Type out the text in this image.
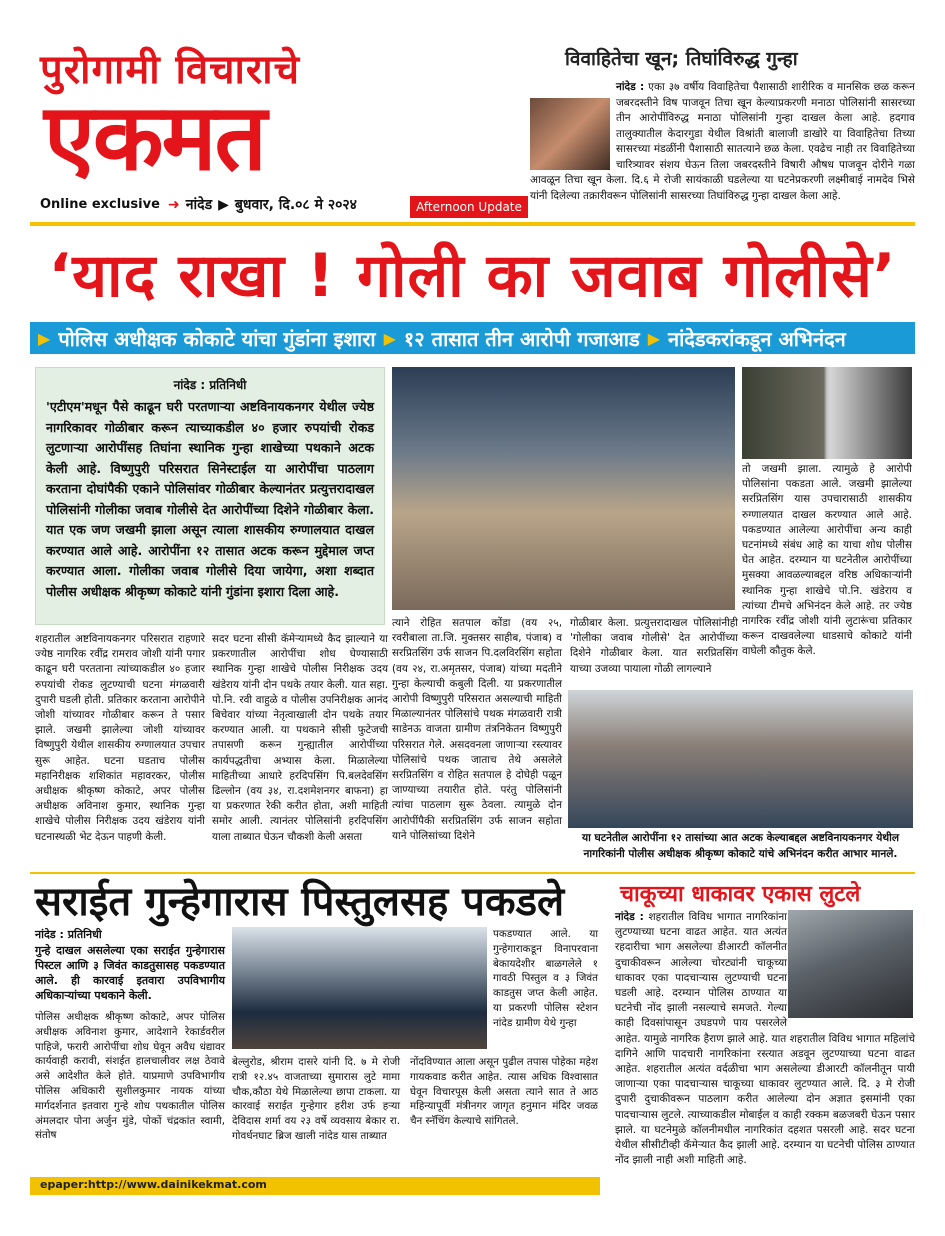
पुरोगामी विचाराचे
एकमत
Online exclusive ➜ नांदेड ▶ बुधवार, दि.०८ मे २०२४	Afternoon Update
विवाहितेचा खून; तिघांविरुद्ध गुन्हा
नांदेड : एका ३७ वर्षीय विवाहितेचा पैशासाठी शारीरिक व मानसिक छळ करून जबरदस्तीने विष पाजवून तिचा खून केल्याप्रकरणी मनाठा पोलिसांनी सासरच्या तीन आरोपींविरुद्ध मनाठा पोलिसांनी गुन्हा दाखल केला आहे. हदगाव तालुक्यातील केदारगुडा येथील विश्रांती बालाजी डाखोरे या विवाहितेचा तिच्या सासरच्या मंडळींनी पैशासाठी सातत्याने छळ केला. एवढेच नाही तर विवाहितेच्या चारित्र्यावर संशय घेऊन तिला जबरदस्तीने विषारी औषध पाजवून दोरीने गळा आवळून तिचा खून केला. दि.६ मे रोजी सायंकाळी घडलेल्या या घटनेप्रकरणी लक्ष्मीबाई नामदेव भिसे यांनी दिलेल्या तक्रारीवरून पोलिसांनी सासरच्या तिघांविरुद्ध गुन्हा दाखल केला आहे.
‘याद राखा ! गोली का जवाब गोलीसे’
▶ पोलिस अधीक्षक कोकाटे यांचा गुंडांना इशारा ▶ १२ तासात तीन आरोपी गजाआड ▶ नांदेडकरांकडून अभिनंदन
नांदेड : प्रतिनिधी
'एटीएम'मधून पैसे काढून घरी परतणाऱ्या अष्टविनायकनगर येथील ज्येष्ठ नागरिकावर गोळीबार करून त्याच्याकडील ४० हजार रुपयांची रोकड लुटणाऱ्या आरोपींसह तिघांना स्थानिक गुन्हा शाखेच्या पथकाने अटक केली आहे. विष्णुपुरी परिसरात सिनेस्टाईल या आरोपींचा पाठलाग करताना दोघांपैकी एकाने पोलिसांवर गोळीबार केल्यानंतर प्रत्युत्तरादाखल पोलिसांनी गोलीका जवाब गोलीसे देत आरोपींच्या दिशेने गोळीबार केला. यात एक जण जखमी झाला असून त्याला शासकीय रुग्णालयात दाखल करण्यात आले आहे. आरोपींना १२ तासात अटक करून मुद्देमाल जप्त करण्यात आला. गोलीका जवाब गोलीसे दिया जायेगा, अशा शब्दात पोलीस अधीक्षक श्रीकृष्ण कोकाटे यांनी गुंडांना इशारा दिला आहे.
शहरातील अष्टविनायकनगर परिसरात राहणारे ज्येष्ठ नागरिक रवींद्र रामराव जोशी यांनी पगार काढून घरी परतताना त्यांच्याकडील ४० हजार रुपयांची रोकड लुटण्याची घटना मंगळवारी दुपारी घडली होती. प्रतिकार करताना आरोपीने जोशी यांच्यावर गोळीबार करून ते पसार झाले. जखमी झालेल्या जोशी यांच्यावर विष्णुपुरी येथील शासकीय रुग्णालयात उपचार सुरू आहेत. घटना घडताच पोलीस महानिरीक्षक शशिकांत महावरकर, पोलीस अधीक्षक श्रीकृष्ण कोकाटे, अपर पोलीस अधीक्षक अविनाश कुमार, स्थानिक गुन्हा शाखेचे पोलीस निरीक्षक उदय खंडेराय यांनी घटनास्थळी भेट देऊन पाहणी केली.
सदर घटना सीसी कॅमेऱ्यामध्ये कैद झाल्याने या प्रकरणातील आरोपींचा शोध घेण्यासाठी स्थानिक गुन्हा शाखेचे पोलीस निरीक्षक उदय खंडेराय यांनी दोन पथके तयार केली. यात सहा. पो.नि. रवी वाहुळे व पोलीस उपनिरीक्षक आनंद बिचेवार यांच्या नेतृत्वाखाली दोन पथके तयार करण्यात आली. या पथकाने सीसी फुटेजची तपासणी करून गुन्ह्यातील आरोपींच्या कार्यपद्धतीचा अभ्यास केला. मिळालेल्या माहितीच्या आधारे हरदिपसिंग पि.बलदेवसिंग ढिल्लोन (वय ३४, रा.दशमेशनगर बाफना) हा या प्रकरणात रेकी करीत होता, अशी माहिती समोर आली. त्यानंतर पोलिसांनी हरदिपसिंग याला ताब्यात घेऊन चौकशी केली असता
त्याने रोहित सतपाल कोंडा (वय २५, रवरीबाला ता.जि. मुक्तसर साहीब, पंजाब) व सरप्रितसिंग उर्फ साजन पि.दलविरसिंग सहोता (वय २४, रा.अमृतसर, पंजाब) यांच्या मदतीने गुन्हा केल्याची कबुली दिली. या प्रकरणातील आरोपी विष्णुपुरी परिसरात असल्याची माहिती मिळाल्यानंतर पोलिसांचे पथक मंगळवारी रात्री साडेनऊ वाजता ग्रामीण तंत्रनिकेतन विष्णुपुरी परिसरात गेले. असदवनला जाणाऱ्या रस्त्यावर पोलिसांचे पथक जाताच तेथे असलेले सरप्रितसिंग व रोहित सतपाल हे दोघेही पळून जाण्याच्या तयारीत होते. परंतु पोलिसांनी त्यांचा पाठलाग सुरू ठेवला. त्यामुळे दोन आरोपींपैकी सरप्रितसिंग उर्फ साजन सहोता याने पोलिसांच्या दिशेने
गोळीबार केला. प्रत्युत्तरादाखल पोलिसांनीही 'गोलीका जवाब गोलीसे' देत आरोपींच्या दिशेने गोळीबार केला. यात सरप्रितसिंग याच्या उजव्या पायाला गोळी लागल्याने
तो जखमी झाला. त्यामुळे हे आरोपी पोलिसांना पकडता आले. जखमी झालेल्या सरप्रितसिंग यास उपचारासाठी शासकीय रुग्णालयात दाखल करण्यात आले आहे. पकडण्यात आलेल्या आरोपींचा अन्य काही घटनांमध्ये संबंध आहे का याचा शोध पोलीस घेत आहेत. दरम्यान या घटनेतील आरोपींच्या मुसक्या आवळल्याबद्दल वरिष्ठ अधिकाऱ्यांनी स्थानिक गुन्हा शाखेचे पो.नि. खंडेराय व त्यांच्या टीमचे अभिनंदन केले आहे. तर ज्येष्ठ नागरिक रवींद्र जोशी यांनी लुटारूंचा प्रतिकार करून दाखवलेल्या धाडसाचे कोकाटे यांनी वाघेली कौतुक केले.
या घटनेतील आरोपींना १२ तासांच्या आत अटक केल्याबद्दल अष्टविनायकनगर येथील नागरिकांनी पोलीस अधीक्षक श्रीकृष्ण कोकाटे यांचे अभिनंदन करीत आभार मानले.
सराईत गुन्हेगारास पिस्तुलसह पकडले
नांदेड : प्रतिनिधी
गुन्हे दाखल असलेल्या एका सराईत गुन्हेगारास पिस्टल आणि ३ जिवंत काडतुसासह पकडण्यात आले. ही कारवाई इतवारा उपविभागीय अधिकाऱ्यांच्या पथकाने केली.
पोलिस अधीक्षक श्रीकृष्ण कोकाटे, अपर पोलिस अधीक्षक अविनाश कुमार, आदेशाने रेकार्डवरील पाहिजे, फरारी आरोपींचा शोध घेवून अवैध धंद्यावर कार्यवाही करावी, संशईत हालचालीवर लक्ष ठेवावे असे आदेशीत केले होते. याप्रमाणे उपविभागीय पोलिस अधिकारी सुशीलकुमार नायक यांच्या मार्गदर्शनात इतवारा गुन्हे शोध पथकातील पोलिस अंमलदार पोना अर्जुन मुंडे, पोकों चंद्रकांत स्वामी, संतोष
बेल्लुरोड, श्रीराम दासरे यांनी दि. ७ मे रोजी रात्री १२.४५ वाजताच्या सुमारास लुटे मामा चौक,कौठा येथे मिळालेल्या छापा टाकला. या कारवाई सराईत गुन्हेगार हरीश उर्फ हऱ्या देविदास शर्मा वय २३ वर्षे व्यवसाय बेकार रा. गोवर्धनघाट ब्रिज खाली नांदेड यास ताब्यात
पकडण्यात आले. या गुन्हेगाराकडून विनापरवाना बेकायदेशीर बाळगलेले १ गावठी पिस्तुल व ३ जिवंत काडतुस जप्त केली आहेत. या प्रकरणी पोलिस स्टेशन नांदेड ग्रामीण येथे गुन्हा
नोंदविण्यात आला असून पुढील तपास पोहेका महेश गायकवाड करीत आहेत. त्यास अधिक विश्वासात घेवून विचारपूस केली असता त्याने सात ते आठ महिन्यापूर्वी मंत्रीनगर जागृत हनुमान मंदिर जवळ चैन स्नॅचिंग केल्याचे सांगितले.
चाकूच्या धाकावर एकास लुटले
नांदेड : शहरातील विविध भागात नागरिकांना लुटण्याच्या घटना वाढत आहेत. यात अत्यंत रहदारीचा भाग असलेल्या डीआरटी कॉलनीत दुचाकीवरून आलेल्या चोरट्यांनी चाकूच्या धाकावर एका पादचाऱ्यास लुटण्याची घटना घडली आहे. दरम्यान पोलिस ठाण्यात या घटनेची नोंद झाली नसल्याचे समजते. गेल्या काही दिवसांपासून उघडपणे पाय पसरलेले आहेत. यामुळे नागरिक हैराण झाले आहे. यात शहरातील विविध भागात महिलांचे दागिने आणि पादचारी नागरिकांना रस्त्यात अडवून लुटण्याच्या घटना वाढत आहेत. शहरातील अत्यंत वर्दळीचा भाग असलेल्या डीआरटी कॉलनीतून पायी जाणाऱ्या एका पादचाऱ्यास चाकूच्या धाकावर लुटण्यात आले. दि. ३ मे रोजी दुपारी दुचाकीवरून पाठलाग करीत आलेल्या दोन अज्ञात इसमांनी एका पादचाऱ्यास लुटले. त्याच्याकडील मोबाईल व काही रक्कम बळजबरी घेऊन पसार झाले. या घटनेमुळे कॉलनीमधील नागरिकांत दहशत पसरली आहे. सदर घटना येथील सीसीटीव्ही कॅमेऱ्यात कैद झाली आहे. दरम्यान या घटनेची पोलिस ठाण्यात नोंद झाली नाही अशी माहिती आहे.
epaper:http://www.dainikekmat.com
